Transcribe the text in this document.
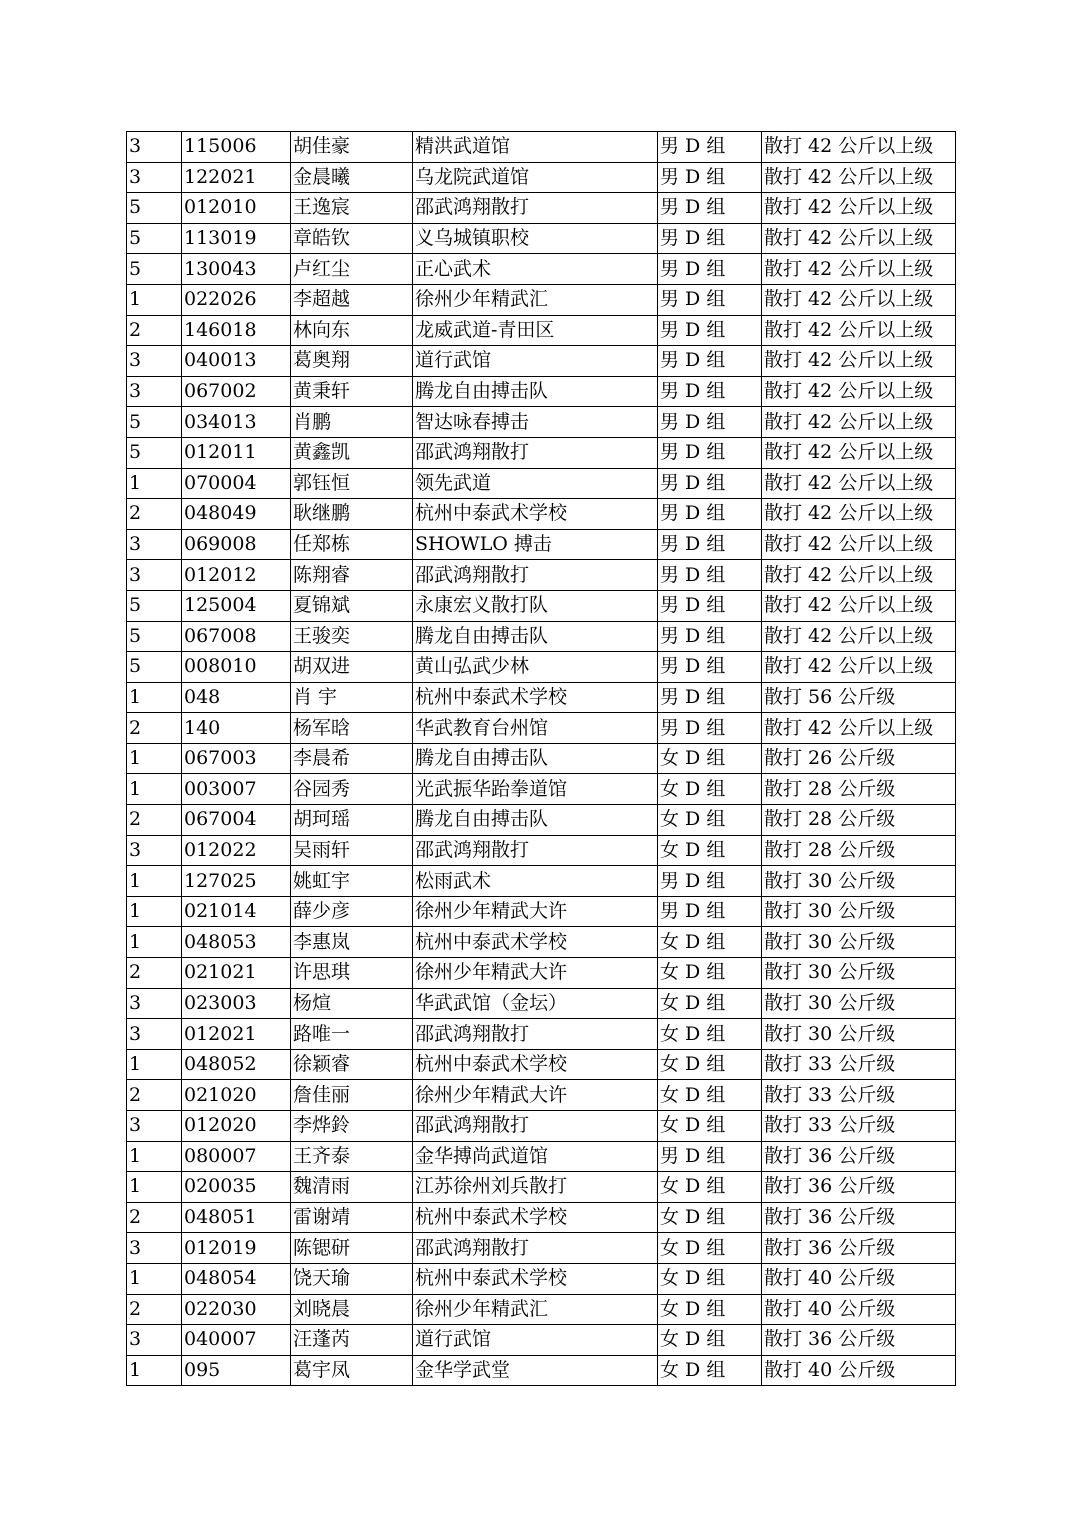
3	115006	胡佳豪	精洪武道馆	男 D 组	散打 42 公斤以上级
3	122021	金晨曦	乌龙院武道馆	男 D 组	散打 42 公斤以上级
5	012010	王逸宸	邵武鸿翔散打	男 D 组	散打 42 公斤以上级
5	113019	章皓钦	义乌城镇职校	男 D 组	散打 42 公斤以上级
5	130043	卢红尘	正心武术	男 D 组	散打 42 公斤以上级
1	022026	李超越	徐州少年精武汇	男 D 组	散打 42 公斤以上级
2	146018	林向东	龙威武道-青田区	男 D 组	散打 42 公斤以上级
3	040013	葛奥翔	道行武馆	男 D 组	散打 42 公斤以上级
3	067002	黄秉轩	腾龙自由搏击队	男 D 组	散打 42 公斤以上级
5	034013	肖鹏	智达咏春搏击	男 D 组	散打 42 公斤以上级
5	012011	黄鑫凯	邵武鸿翔散打	男 D 组	散打 42 公斤以上级
1	070004	郭钰恒	领先武道	男 D 组	散打 42 公斤以上级
2	048049	耿继鹏	杭州中泰武术学校	男 D 组	散打 42 公斤以上级
3	069008	任郑栋	SHOWLO 搏击	男 D 组	散打 42 公斤以上级
3	012012	陈翔睿	邵武鸿翔散打	男 D 组	散打 42 公斤以上级
5	125004	夏锦斌	永康宏义散打队	男 D 组	散打 42 公斤以上级
5	067008	王骏奕	腾龙自由搏击队	男 D 组	散打 42 公斤以上级
5	008010	胡双进	黄山弘武少林	男 D 组	散打 42 公斤以上级
1	048	肖 宇	杭州中泰武术学校	男 D 组	散打 56 公斤级
2	140	杨军晗	华武教育台州馆	男 D 组	散打 42 公斤以上级
1	067003	李晨希	腾龙自由搏击队	女 D 组	散打 26 公斤级
1	003007	谷园秀	光武振华跆拳道馆	女 D 组	散打 28 公斤级
2	067004	胡珂瑶	腾龙自由搏击队	女 D 组	散打 28 公斤级
3	012022	吴雨轩	邵武鸿翔散打	女 D 组	散打 28 公斤级
1	127025	姚虹宇	松雨武术	男 D 组	散打 30 公斤级
1	021014	薛少彦	徐州少年精武大许	男 D 组	散打 30 公斤级
1	048053	李惠岚	杭州中泰武术学校	女 D 组	散打 30 公斤级
2	021021	许思琪	徐州少年精武大许	女 D 组	散打 30 公斤级
3	023003	杨煊	华武武馆（金坛）	女 D 组	散打 30 公斤级
3	012021	路唯一	邵武鸿翔散打	女 D 组	散打 30 公斤级
1	048052	徐颖睿	杭州中泰武术学校	女 D 组	散打 33 公斤级
2	021020	詹佳丽	徐州少年精武大许	女 D 组	散打 33 公斤级
3	012020	李烨鈴	邵武鸿翔散打	女 D 组	散打 33 公斤级
1	080007	王齐泰	金华搏尚武道馆	男 D 组	散打 36 公斤级
1	020035	魏清雨	江苏徐州刘兵散打	女 D 组	散打 36 公斤级
2	048051	雷谢靖	杭州中泰武术学校	女 D 组	散打 36 公斤级
3	012019	陈锶研	邵武鸿翔散打	女 D 组	散打 36 公斤级
1	048054	饶天瑜	杭州中泰武术学校	女 D 组	散打 40 公斤级
2	022030	刘晓晨	徐州少年精武汇	女 D 组	散打 40 公斤级
3	040007	汪蓬芮	道行武馆	女 D 组	散打 36 公斤级
1	095	葛宇凤	金华学武堂	女 D 组	散打 40 公斤级
